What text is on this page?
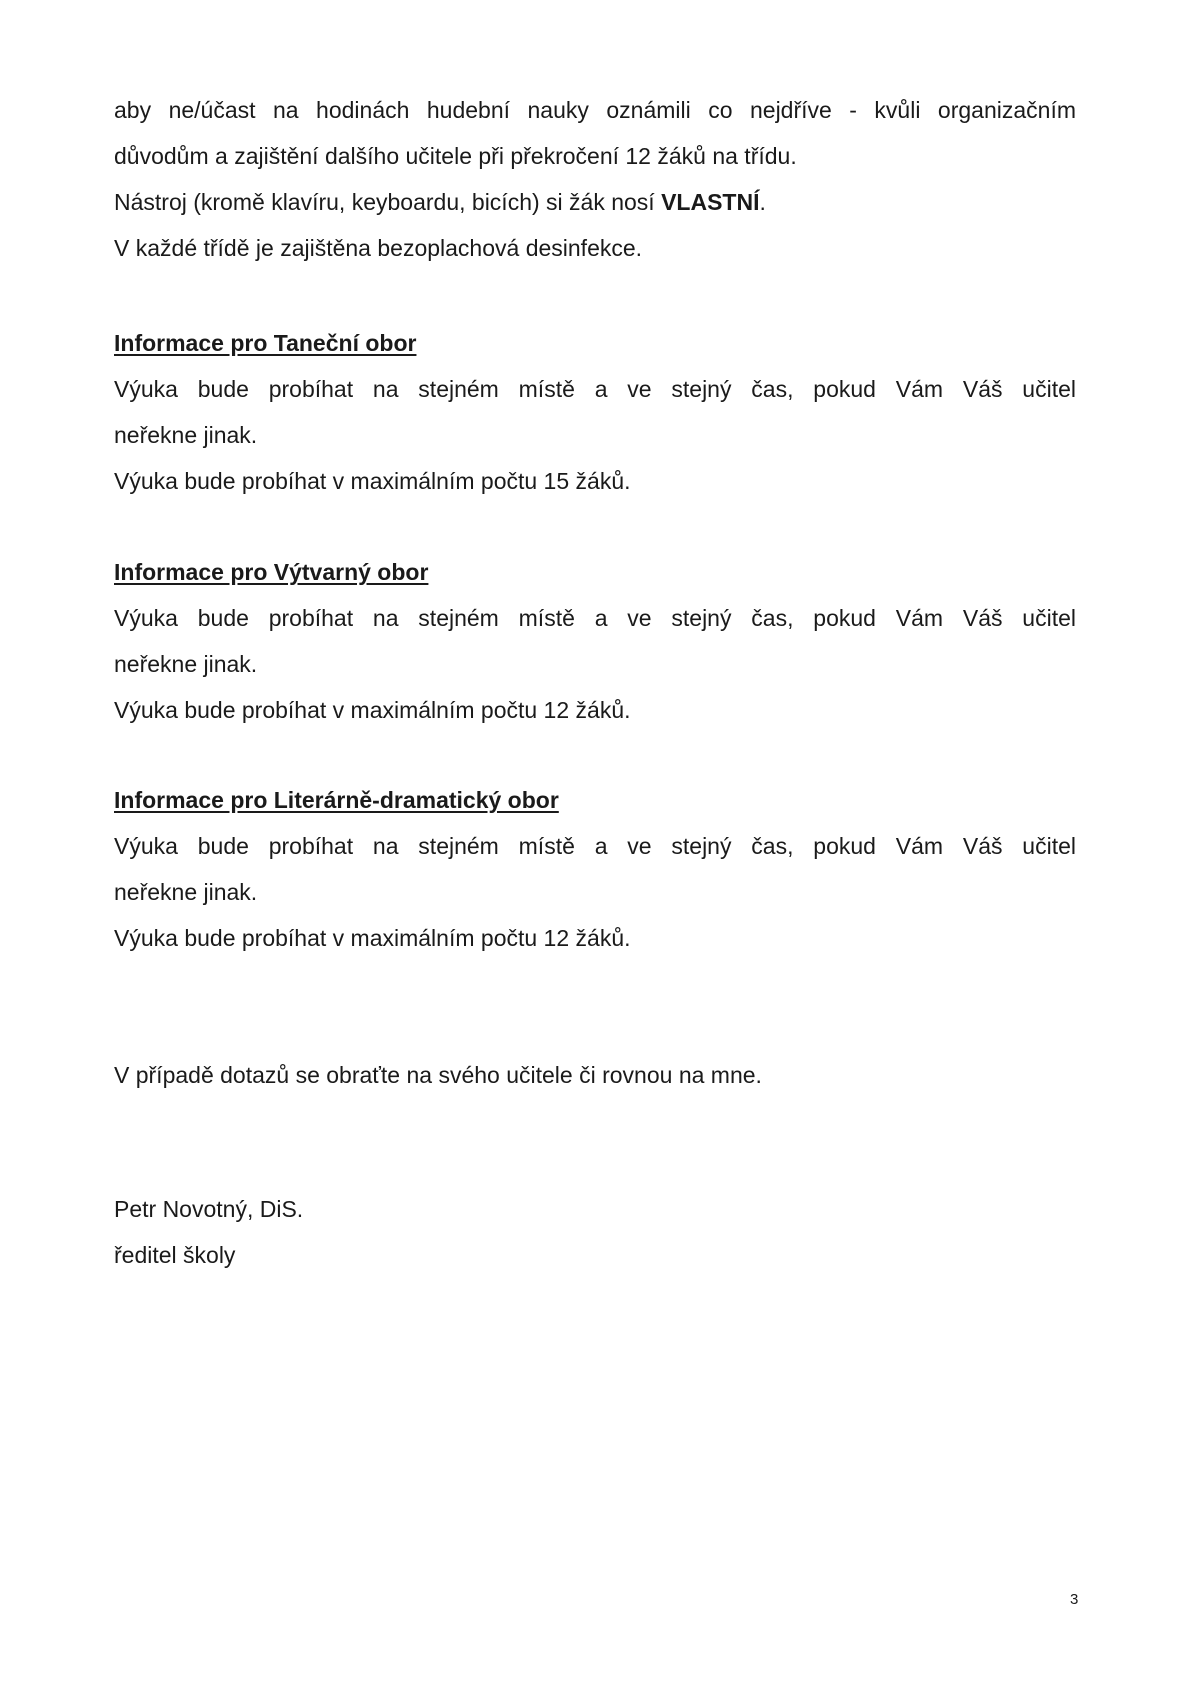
aby ne/účast na hodinách hudební nauky oznámili co nejdříve - kvůli organizačním
důvodům a zajištění dalšího učitele při překročení 12 žáků na třídu.
Nástroj (kromě klavíru, keyboardu, bicích) si žák nosí VLASTNÍ.
V každé třídě je zajištěna bezoplachová desinfekce.
Informace pro Taneční obor
Výuka bude probíhat na stejném místě a ve stejný čas, pokud Vám Váš učitel
neřekne jinak.
Výuka bude probíhat v maximálním počtu 15 žáků.
Informace pro Výtvarný obor
Výuka bude probíhat na stejném místě a ve stejný čas, pokud Vám Váš učitel
neřekne jinak.
Výuka bude probíhat v maximálním počtu 12 žáků.
Informace pro Literárně-dramatický obor
Výuka bude probíhat na stejném místě a ve stejný čas, pokud Vám Váš učitel
neřekne jinak.
Výuka bude probíhat v maximálním počtu 12 žáků.
V případě dotazů se obraťte na svého učitele či rovnou na mne.
Petr Novotný, DiS.
ředitel školy
3
